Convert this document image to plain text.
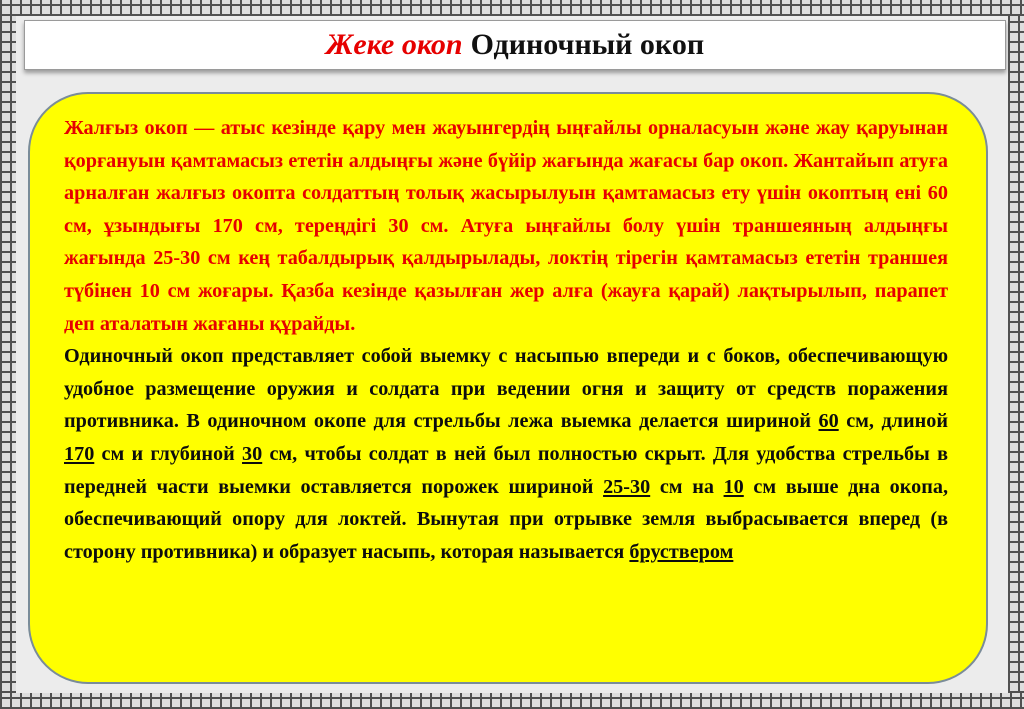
Жеке окоп Одиночный окоп

Жалғыз окоп — атыс кезінде қару мен жауынгердің ыңғайлы орналасуын және жау қаруынан қорғануын қамтамасыз ететін алдыңғы және бүйір жағында жағасы бар окоп. Жантайып атуға арналған жалғыз окопта солдаттың толық жасырылуын қамтамасыз ету үшін окоптың ені 60 см, ұзындығы 170 см, тереңдігі 30 см. Атуға ыңғайлы болу үшін траншеяның алдыңғы жағында 25-30 см кең табалдырық қалдырылады, локтің тірегін қамтамасыз ететін траншея түбінен 10 см жоғары. Қазба кезінде қазылған жер алға (жауға қарай) лақтырылып, парапет деп аталатын жағаны құрайды.

Одиночный окоп представляет собой выемку с насыпью впереди и с боков, обеспечивающую удобное размещение оружия и солдата при ведении огня и защиту от средств поражения противника. В одиночном окопе для стрельбы лежа выемка делается шириной 60 см, длиной 170 см и глубиной 30 см, чтобы солдат в ней был полностью скрыт. Для удобства стрельбы в передней части выемки оставляется порожек шириной 25-30 см на 10 см выше дна окопа, обеспечивающий опору для локтей. Вынутая при отрывке земля выбрасывается вперед (в сторону противника) и образует насыпь, которая называется бруствером
